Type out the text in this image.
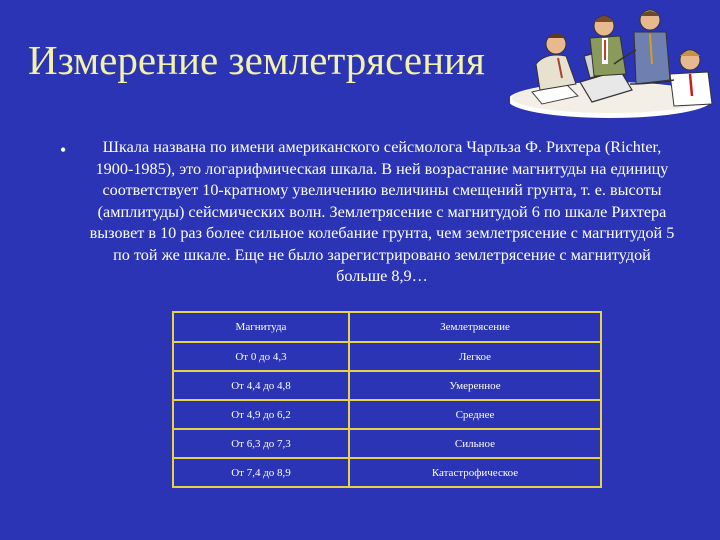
Измерение землетрясения
•	Шкала названа по имени американского сейсмолога Чарльза Ф. Рихтера (Richter, 1900-1985), это логарифмическая шкала. В ней возрастание магнитуды на единицу соответствует 10-кратному увеличению величины смещений грунта, т. е. высоты (амплитуды) сейсмических волн. Землетрясение с магнитудой 6 по шкале Рихтера вызовет в 10 раз более сильное колебание грунта, чем землетрясение с магнитудой 5 по той же шкале. Еще не было зарегистрировано землетрясение с магнитудой больше 8,9…
Магнитуда	Землетрясение
От 0 до 4,3	Легкое
От 4,4 до 4,8	Умеренное
От 4,9 до 6,2	Среднее
От 6,3 до 7,3	Сильное
От 7,4 до 8,9	Катастрофическое
